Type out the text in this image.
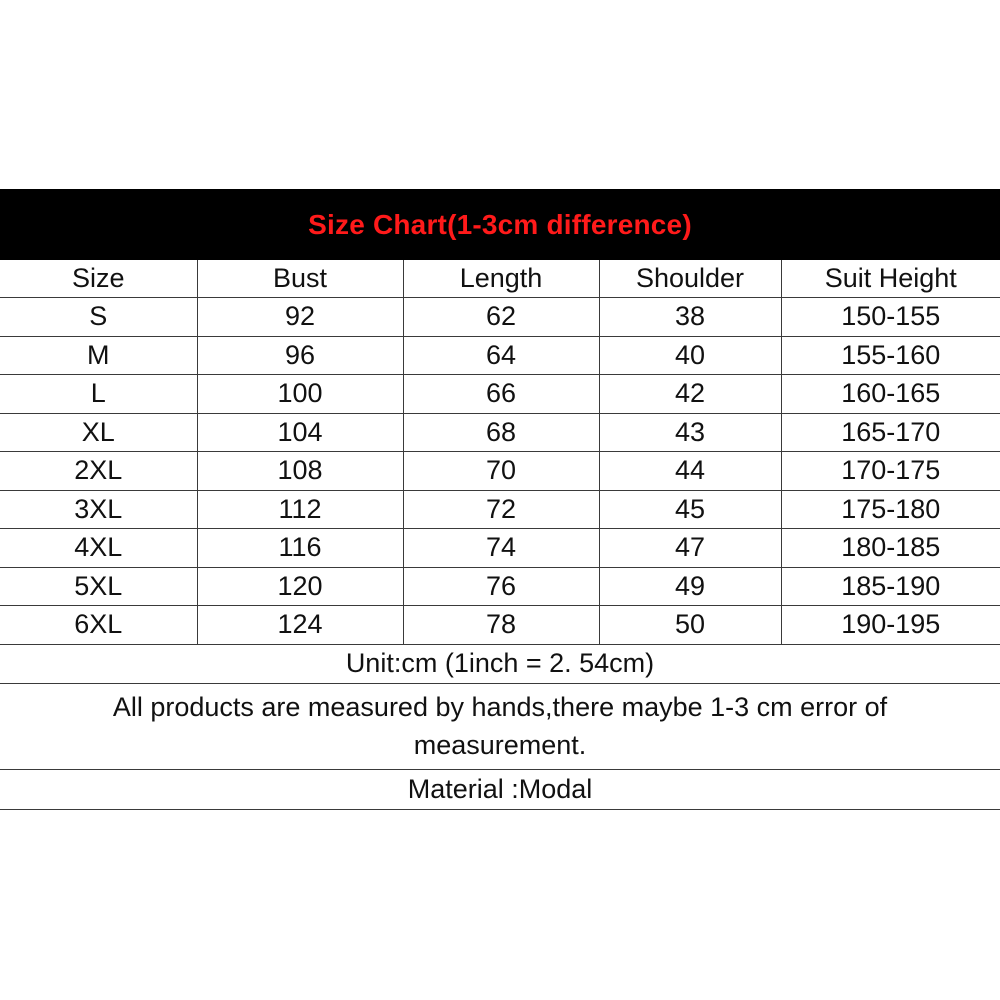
Size Chart(1-3cm difference)
Size	Bust	Length	Shoulder	Suit Height
S	92	62	38	150-155
M	96	64	40	155-160
L	100	66	42	160-165
XL	104	68	43	165-170
2XL	108	70	44	170-175
3XL	112	72	45	175-180
4XL	116	74	47	180-185
5XL	120	76	49	185-190
6XL	124	78	50	190-195
Unit:cm (1inch = 2. 54cm)
All products are measured by hands,there maybe 1-3 cm error of measurement.
Material :Modal
